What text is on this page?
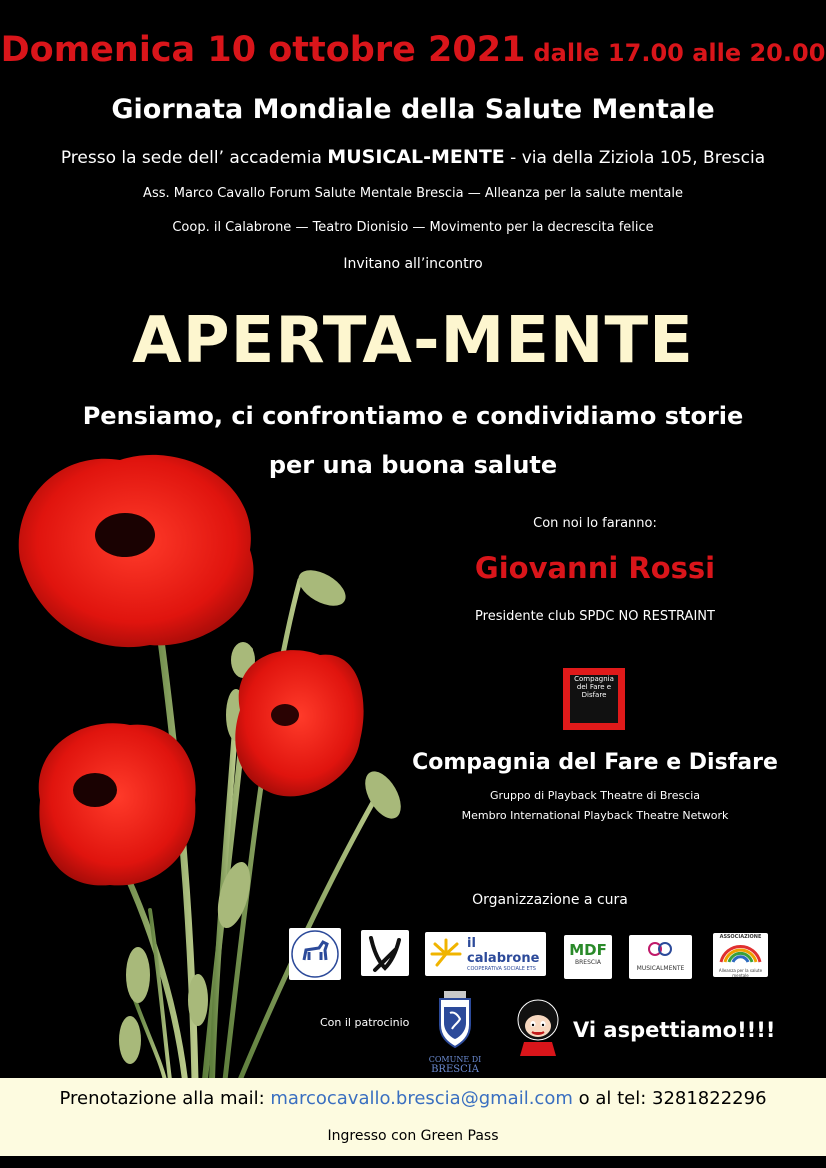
Domenica 10 ottobre 2021 dalle 17.00 alle 20.00
Giornata Mondiale della Salute Mentale
Presso la sede dell’ accademia MUSICAL-MENTE - via della Ziziola 105, Brescia
Ass. Marco Cavallo Forum Salute Mentale Brescia — Alleanza per la salute mentale
Coop. il Calabrone — Teatro Dionisio — Movimento per la decrescita felice
Invitano all’incontro
APERTA-MENTE
Pensiamo, ci confrontiamo e condividiamo storie
per una buona salute
Con noi lo faranno:
Giovanni Rossi
Presidente club SPDC NO RESTRAINT
Compagnia del Fare e Disfare
Compagnia del Fare e Disfare
Gruppo di Playback Theatre di Brescia
Membro International Playback Theatre Network
Organizzazione a cura
il calabrone
COOPERATIVA SOCIALE ETS
MDF
BRESCIA
MUSICALMENTE
ASSOCIAZIONE
Alleanza per la salute mentale
Con il patrocinio
COMUNE DI
BRESCIA
Vi aspettiamo!!!!
Prenotazione alla mail: marcocavallo.brescia@gmail.com o al tel: 3281822296
Ingresso con Green Pass
